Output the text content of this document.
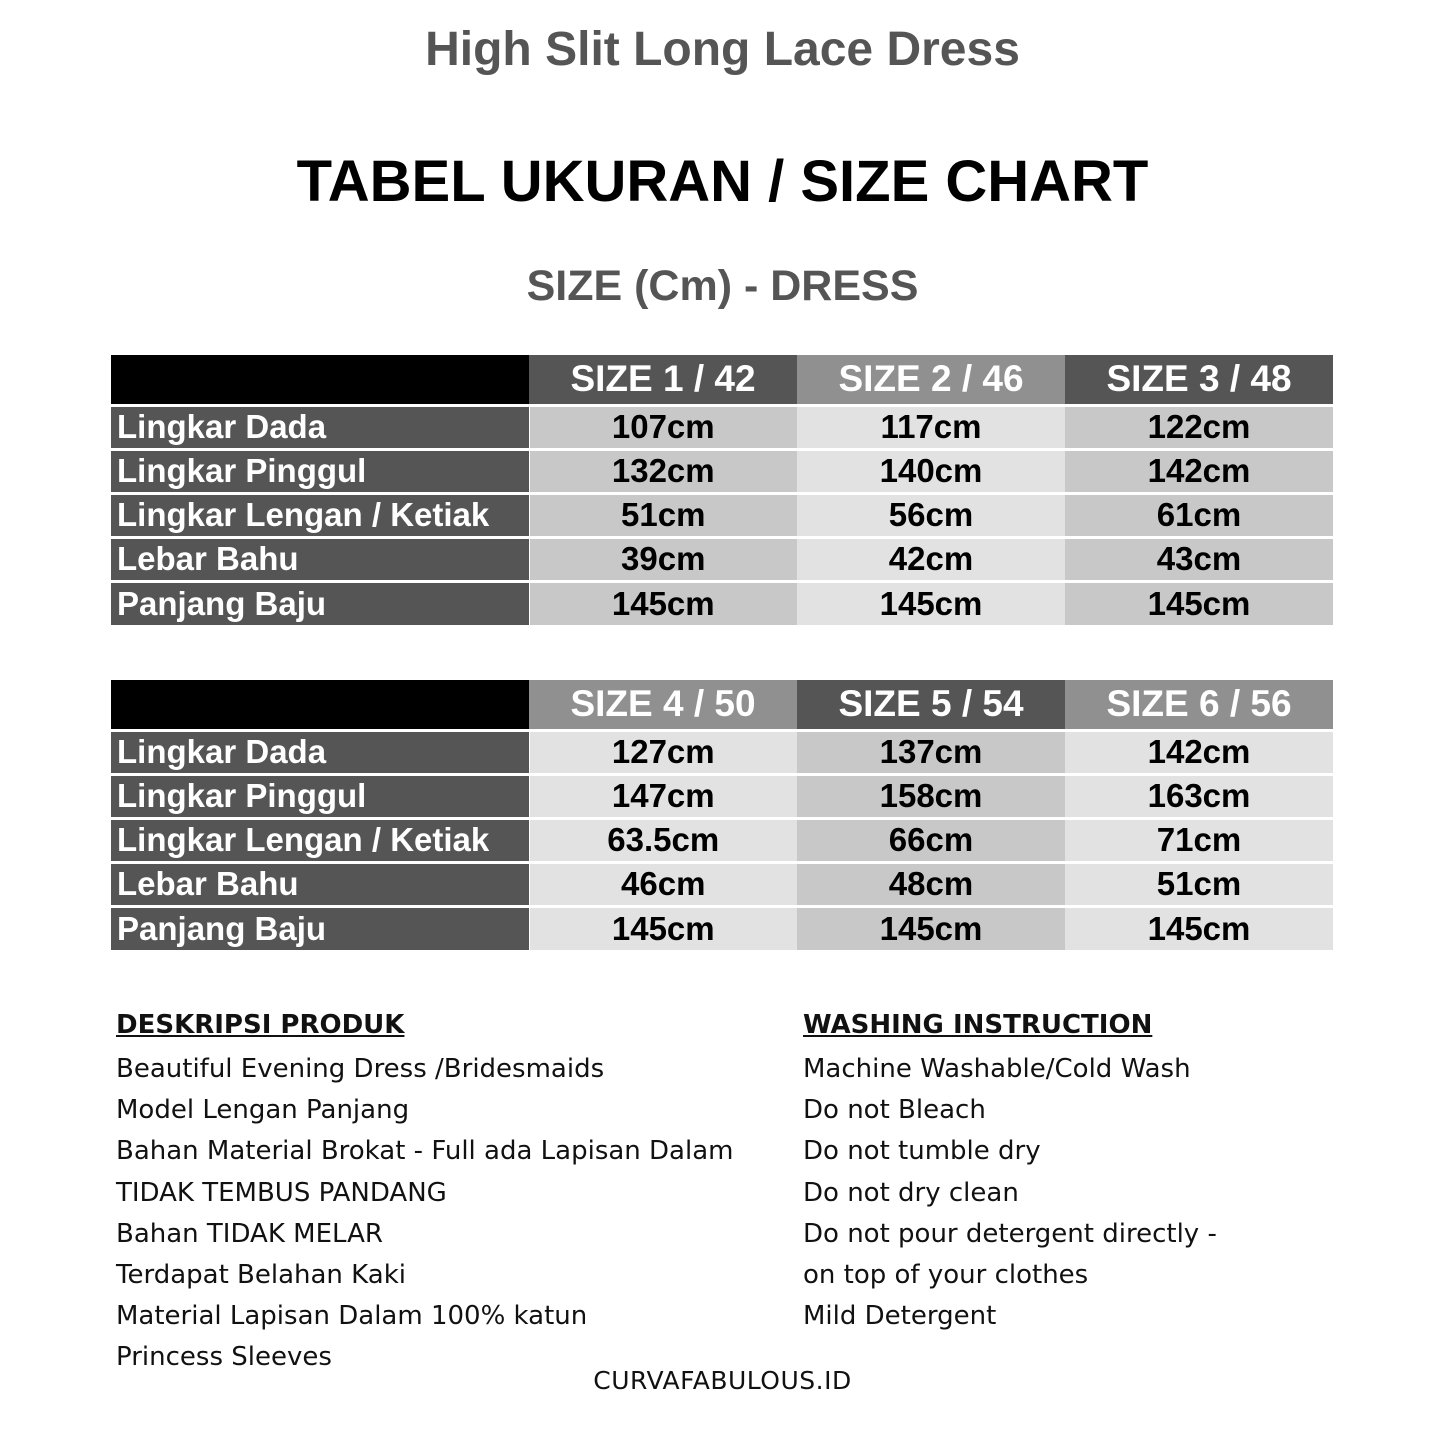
High Slit Long Lace Dress
TABEL UKURAN / SIZE CHART
SIZE (Cm) - DRESS
	SIZE 1 / 42	SIZE 2 / 46	SIZE 3 / 48
Lingkar Dada	107cm	117cm	122cm
Lingkar Pinggul	132cm	140cm	142cm
Lingkar Lengan / Ketiak	51cm	56cm	61cm
Lebar Bahu	39cm	42cm	43cm
Panjang Baju	145cm	145cm	145cm
	SIZE 4 / 50	SIZE 5 / 54	SIZE 6 / 56
Lingkar Dada	127cm	137cm	142cm
Lingkar Pinggul	147cm	158cm	163cm
Lingkar Lengan / Ketiak	63.5cm	66cm	71cm
Lebar Bahu	46cm	48cm	51cm
Panjang Baju	145cm	145cm	145cm
DESKRIPSI PRODUK
Beautiful Evening Dress /Bridesmaids
Model Lengan Panjang
Bahan Material Brokat - Full ada Lapisan Dalam
TIDAK TEMBUS PANDANG
Bahan TIDAK MELAR
Terdapat Belahan Kaki
Material Lapisan Dalam 100% katun
Princess Sleeves
WASHING INSTRUCTION
Machine Washable/Cold Wash
Do not Bleach
Do not tumble dry
Do not dry clean
Do not pour detergent directly -
on top of your clothes
Mild Detergent
CURVAFABULOUS.ID
